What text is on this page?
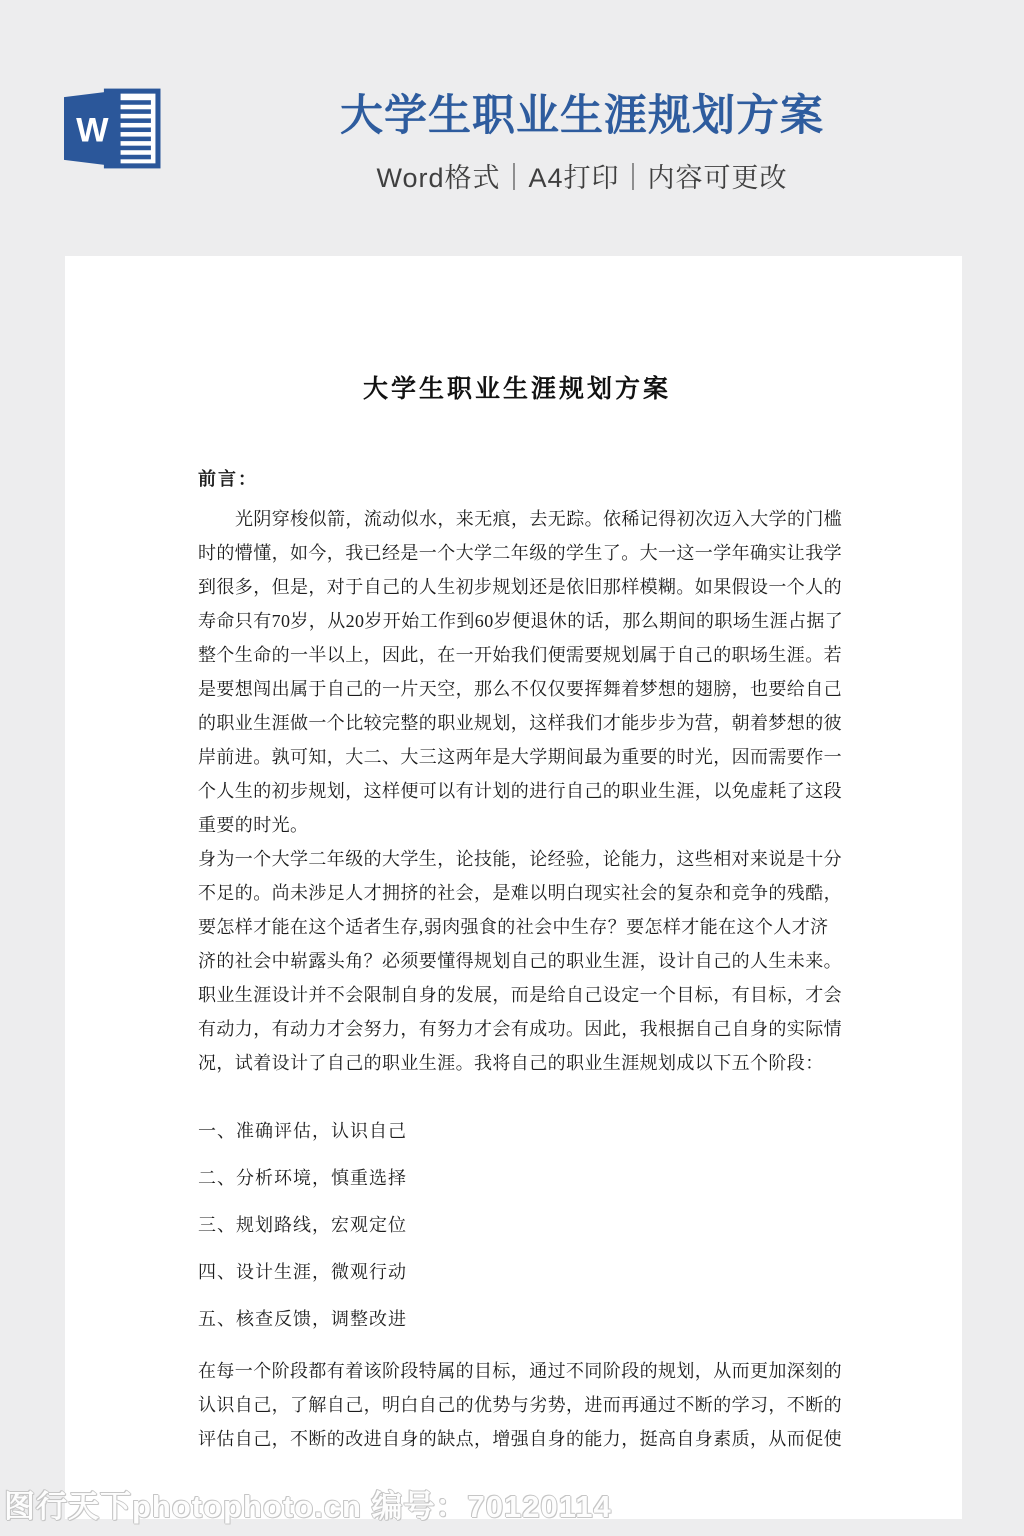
W	大学生职业生涯规划方案
Word格式｜A4打印｜内容可更改
大学生职业生涯规划方案
前言：
光阴穿梭似箭，流动似水，来无痕，去无踪。依稀记得初次迈入大学的门槛
时的懵懂，如今，我已经是一个大学二年级的学生了。大一这一学年确实让我学
到很多，但是，对于自己的人生初步规划还是依旧那样模糊。如果假设一个人的
寿命只有70岁，从20岁开始工作到60岁便退休的话，那么期间的职场生涯占据了
整个生命的一半以上，因此，在一开始我们便需要规划属于自己的职场生涯。若
是要想闯出属于自己的一片天空，那么不仅仅要挥舞着梦想的翅膀，也要给自己
的职业生涯做一个比较完整的职业规划，这样我们才能步步为营，朝着梦想的彼
岸前进。孰可知，大二、大三这两年是大学期间最为重要的时光，因而需要作一
个人生的初步规划，这样便可以有计划的进行自己的职业生涯，以免虚耗了这段
重要的时光。
身为一个大学二年级的大学生，论技能，论经验，论能力，这些相对来说是十分
不足的。尚未涉足人才拥挤的社会，是难以明白现实社会的复杂和竞争的残酷，
要怎样才能在这个适者生存,弱肉强食的社会中生存？要怎样才能在这个人才济
济的社会中崭露头角？必须要懂得规划自己的职业生涯，设计自己的人生未来。
职业生涯设计并不会限制自身的发展，而是给自己设定一个目标，有目标，才会
有动力，有动力才会努力，有努力才会有成功。因此，我根据自己自身的实际情
况，试着设计了自己的职业生涯。我将自己的职业生涯规划成以下五个阶段：
一、准确评估，认识自己
二、分析环境，慎重选择
三、规划路线，宏观定位
四、设计生涯，微观行动
五、核查反馈，调整改进
在每一个阶段都有着该阶段特属的目标，通过不同阶段的规划，从而更加深刻的
认识自己，了解自己，明白自己的优势与劣势，进而再通过不断的学习，不断的
评估自己，不断的改进自身的缺点，增强自身的能力，挺高自身素质，从而促使
图行天下photophoto.cn 编号：70120114
